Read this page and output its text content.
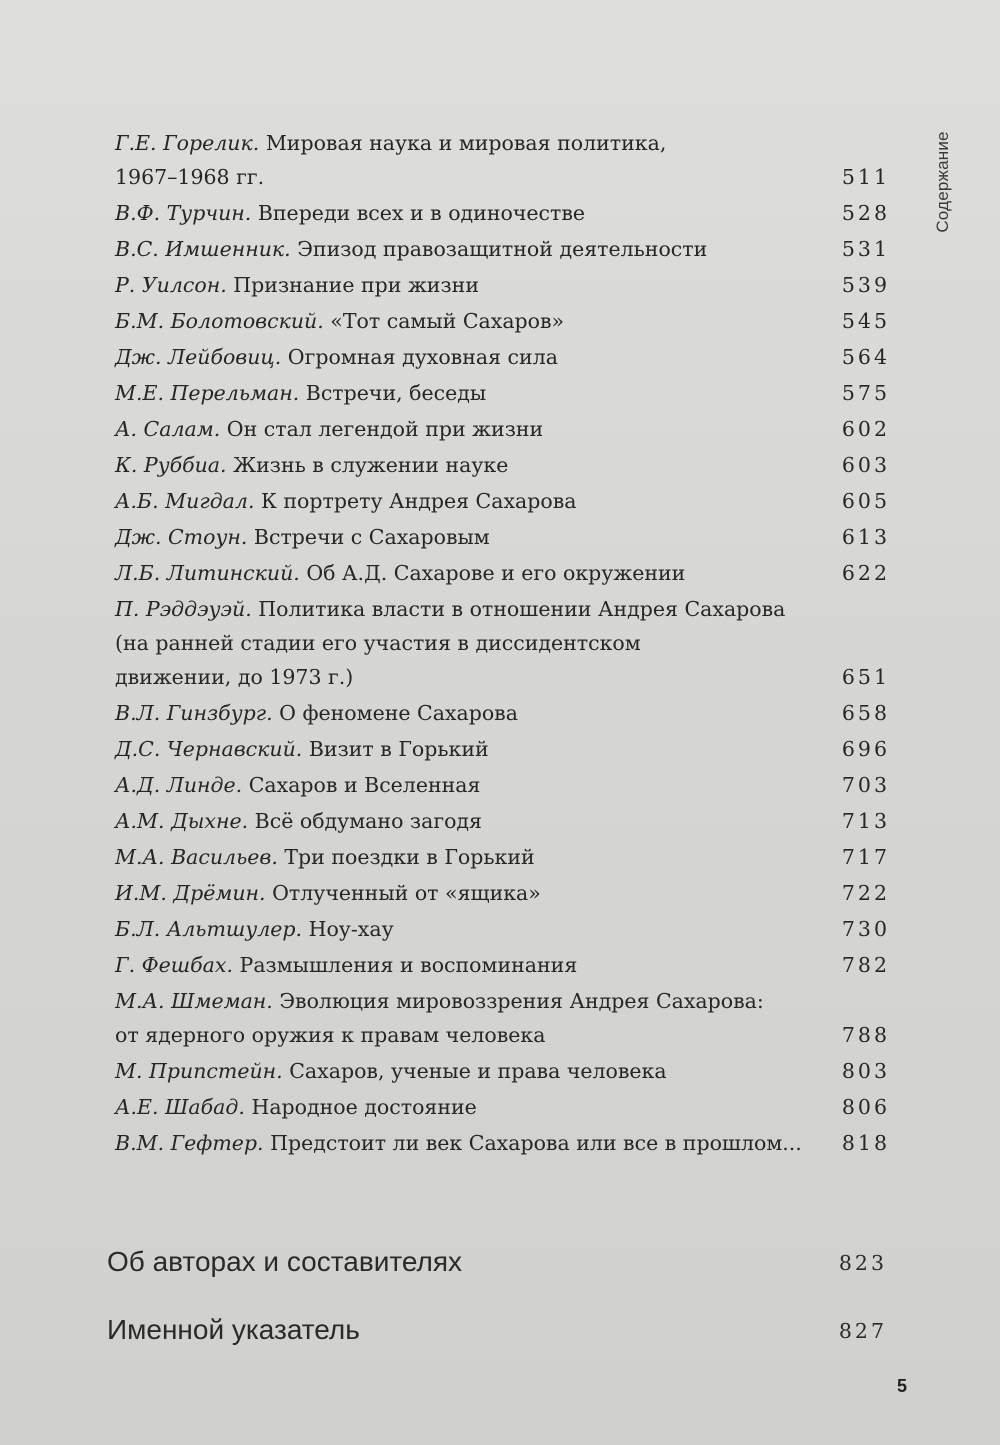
Содержание
Г.Е. Горелик. Мировая наука и мировая политика,
1967–1968 гг.	511
В.Ф. Турчин. Впереди всех и в одиночестве	528
В.С. Имшенник. Эпизод правозащитной деятельности	531
Р. Уилсон. Признание при жизни	539
Б.М. Болотовский. «Тот самый Сахаров»	545
Дж. Лейбовиц. Огромная духовная сила	564
М.Е. Перельман. Встречи, беседы	575
А. Салам. Он стал легендой при жизни	602
К. Руббиа. Жизнь в служении науке	603
А.Б. Мигдал. К портрету Андрея Сахарова	605
Дж. Стоун. Встречи с Сахаровым	613
Л.Б. Литинский. Об А.Д. Сахарове и его окружении	622
П. Рэддэуэй. Политика власти в отношении Андрея Сахарова
(на ранней стадии его участия в диссидентском
движении, до 1973 г.)	651
В.Л. Гинзбург. О феномене Сахарова	658
Д.С. Чернавский. Визит в Горький	696
А.Д. Линде. Сахаров и Вселенная	703
А.М. Дыхне. Всё обдумано загодя	713
М.А. Васильев. Три поездки в Горький	717
И.М. Дрёмин. Отлученный от «ящика»	722
Б.Л. Альтшулер. Ноу-хау	730
Г. Фешбах. Размышления и воспоминания	782
М.А. Шмеман. Эволюция мировоззрения Андрея Сахарова:
от ядерного оружия к правам человека	788
М. Припстейн. Сахаров, ученые и права человека	803
А.Е. Шабад. Народное достояние	806
В.М. Гефтер. Предстоит ли век Сахарова или все в прошлом...	818
Об авторах и составителях	823
Именной указатель	827
5
